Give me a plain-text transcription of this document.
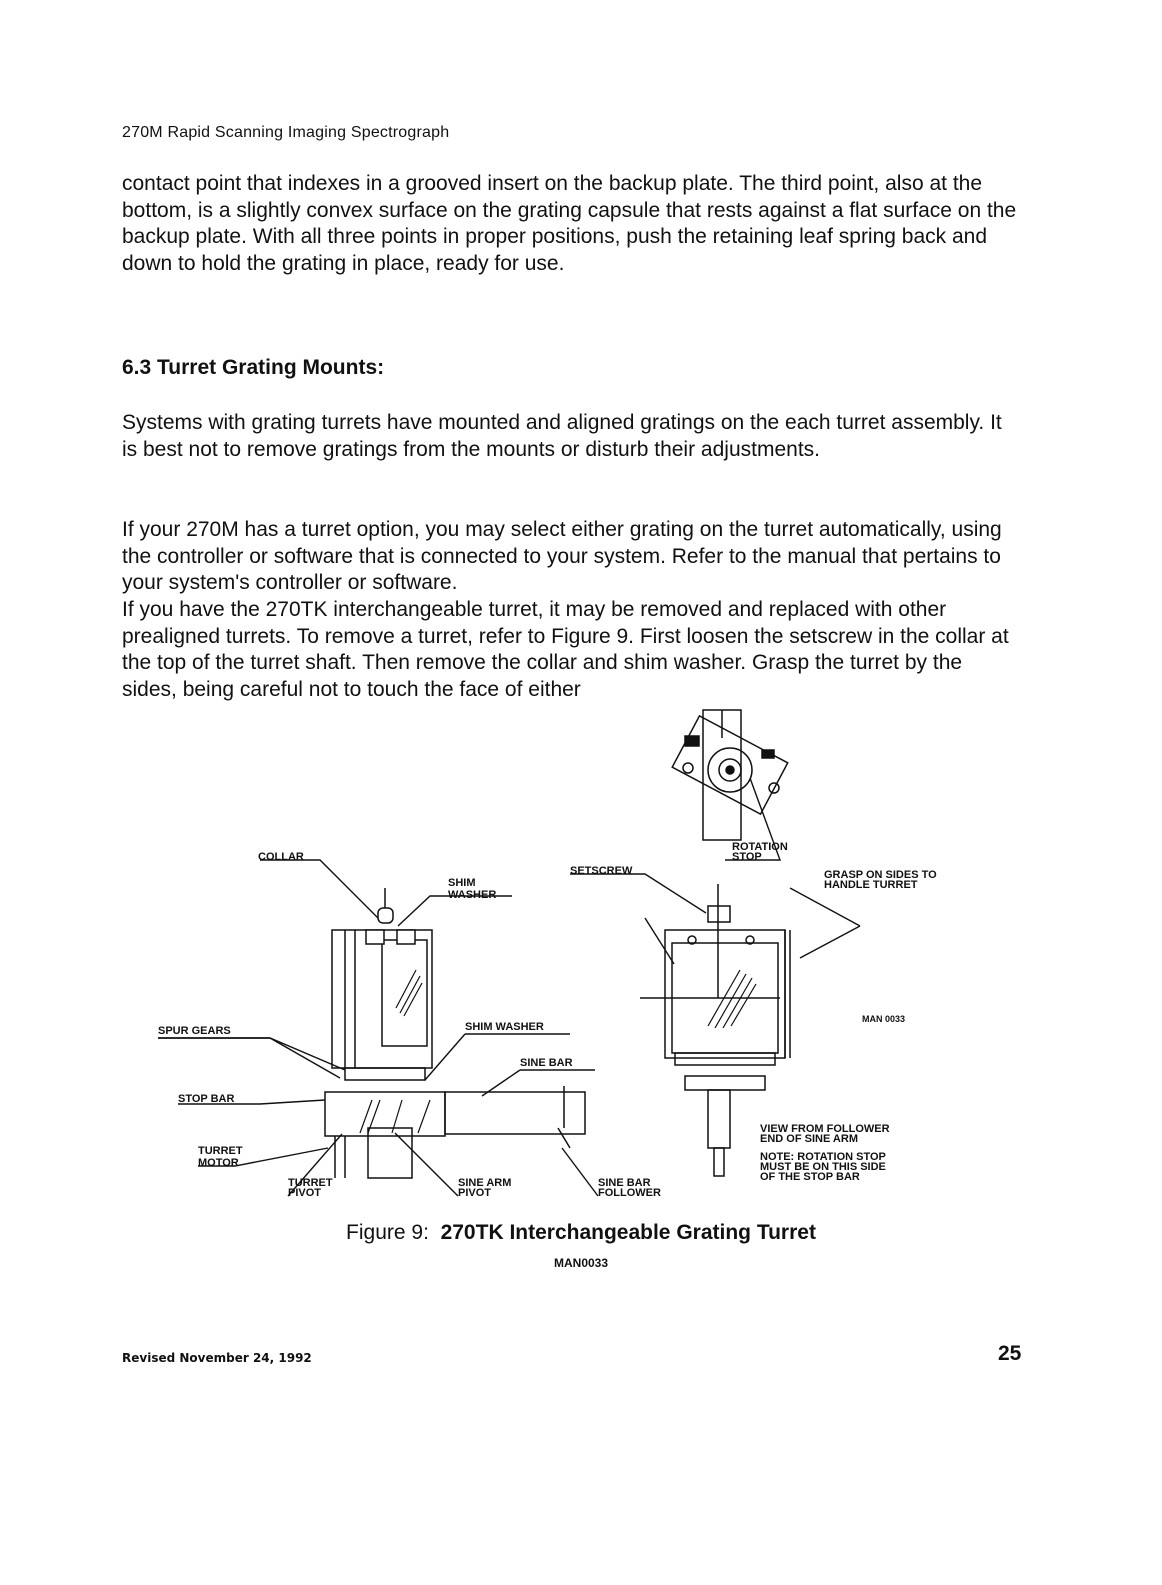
270M Rapid Scanning Imaging Spectrograph

contact point that indexes in a grooved insert on the backup plate. The third point, also at the bottom, is a slightly convex surface on the grating capsule that rests against a flat surface on the backup plate. With all three points in proper positions, push the retaining leaf spring back and down to hold the grating in place, ready for use.

6.3 Turret Grating Mounts:

Systems with grating turrets have mounted and aligned gratings on the each turret assembly. It is best not to remove gratings from the mounts or disturb their adjustments.

If your 270M has a turret option, you may select either grating on the turret automatically, using the controller or software that is connected to your system. Refer to the manual that pertains to your system's controller or software.

If you have the 270TK interchangeable turret, it may be removed and replaced with other prealigned turrets. To remove a turret, refer to Figure 9. First loosen the setscrew in the collar at the top of the turret shaft. Then remove the collar and shim washer. Grasp the turret by the sides, being careful not to touch the face of either

COLLAR
SHIM
WASHER
SPUR GEARS	SHIM WASHER
SINE BAR
STOP BAR
TURRET
MOTOR
TURRET
PIVOT
SINE ARM
PIVOT
SINE BAR
FOLLOWER
SETSCREW
ROTATION
STOP
GRASP ON SIDES TO
HANDLE TURRET
MAN 0033
VIEW FROM FOLLOWER
END OF SINE ARM
NOTE: ROTATION STOP
MUST BE ON THIS SIDE
OF THE STOP BAR
Figure 9: 270TK Interchangeable Grating Turret
MAN0033
Revised November 24, 1992	25
